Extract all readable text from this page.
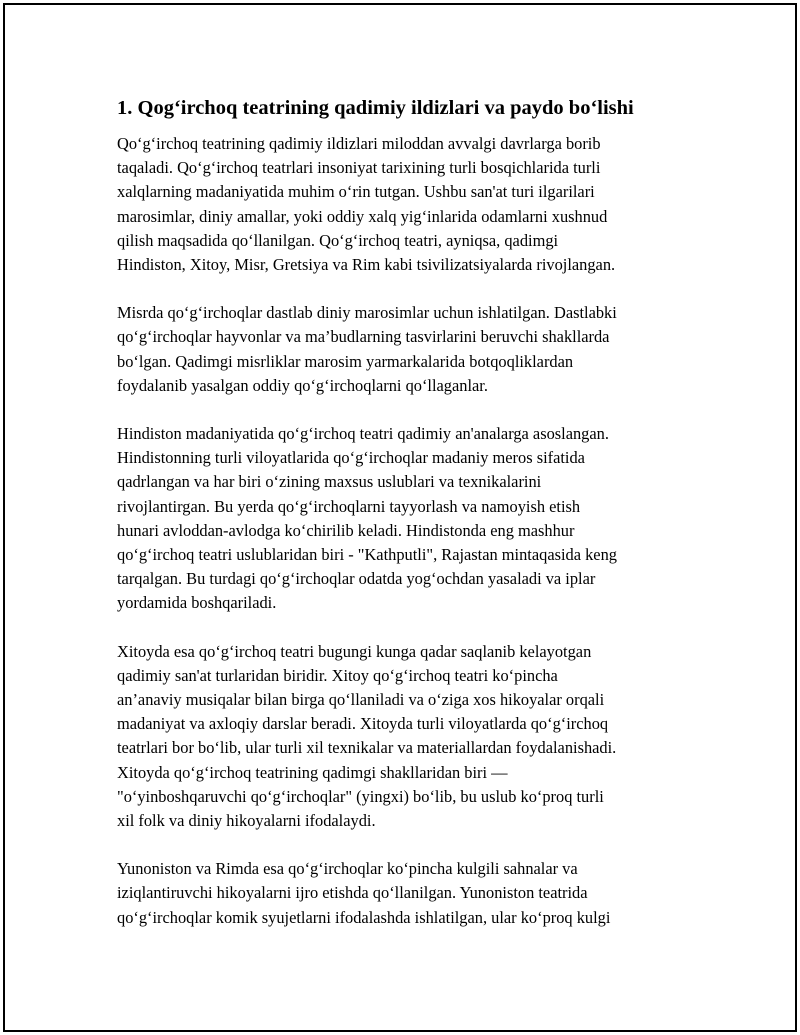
1. Qog‘irchoq teatrining qadimiy ildizlari va paydo bo‘lishi
Qo‘g‘irchoq teatrining qadimiy ildizlari miloddan avvalgi davrlarga borib
taqaladi. Qo‘g‘irchoq teatrlari insoniyat tarixining turli bosqichlarida turli
xalqlarning madaniyatida muhim o‘rin tutgan. Ushbu san'at turi ilgarilari
marosimlar, diniy amallar, yoki oddiy xalq yig‘inlarida odamlarni xushnud
qilish maqsadida qo‘llanilgan. Qo‘g‘irchoq teatri, ayniqsa, qadimgi
Hindiston, Xitoy, Misr, Gretsiya va Rim kabi tsivilizatsiyalarda rivojlangan.
Misrda qo‘g‘irchoqlar dastlab diniy marosimlar uchun ishlatilgan. Dastlabki
qo‘g‘irchoqlar hayvonlar va ma’budlarning tasvirlarini beruvchi shakllarda
bo‘lgan. Qadimgi misrliklar marosim yarmarkalarida botqoqliklardan
foydalanib yasalgan oddiy qo‘g‘irchoqlarni qo‘llaganlar.
Hindiston madaniyatida qo‘g‘irchoq teatri qadimiy an'analarga asoslangan.
Hindistonning turli viloyatlarida qo‘g‘irchoqlar madaniy meros sifatida
qadrlangan va har biri o‘zining maxsus uslublari va texnikalarini
rivojlantirgan. Bu yerda qo‘g‘irchoqlarni tayyorlash va namoyish etish
hunari avloddan-avlodga ko‘chirilib keladi. Hindistonda eng mashhur
qo‘g‘irchoq teatri uslublaridan biri - "Kathputli", Rajastan mintaqasida keng
tarqalgan. Bu turdagi qo‘g‘irchoqlar odatda yog‘ochdan yasaladi va iplar
yordamida boshqariladi.
Xitoyda esa qo‘g‘irchoq teatri bugungi kunga qadar saqlanib kelayotgan
qadimiy san'at turlaridan biridir. Xitoy qo‘g‘irchoq teatri ko‘pincha
an’anaviy musiqalar bilan birga qo‘llaniladi va o‘ziga xos hikoyalar orqali
madaniyat va axloqiy darslar beradi. Xitoyda turli viloyatlarda qo‘g‘irchoq
teatrlari bor bo‘lib, ular turli xil texnikalar va materiallardan foydalanishadi.
Xitoyda qo‘g‘irchoq teatrining qadimgi shakllaridan biri —
"o‘yinboshqaruvchi qo‘g‘irchoqlar" (yingxi) bo‘lib, bu uslub ko‘proq turli
xil folk va diniy hikoyalarni ifodalaydi.
Yunoniston va Rimda esa qo‘g‘irchoqlar ko‘pincha kulgili sahnalar va
iziqlantiruvchi hikoyalarni ijro etishda qo‘llanilgan. Yunoniston teatrida
qo‘g‘irchoqlar komik syujetlarni ifodalashda ishlatilgan, ular ko‘proq kulgi
